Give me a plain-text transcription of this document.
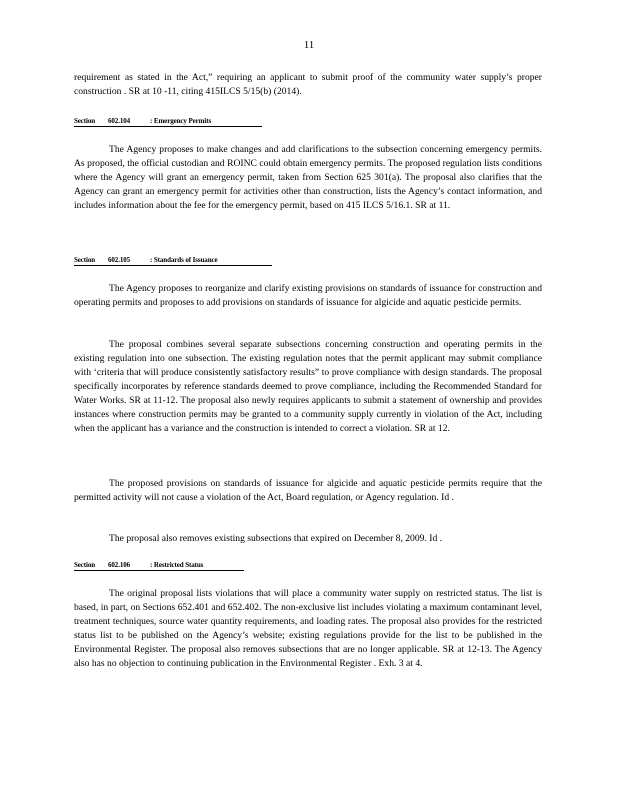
11

requirement as stated in the Act,” requiring an applicant to submit proof of the community water supply’s proper construction . SR at 10 -11, citing 415ILCS 5/15(b) (2014).

Section 602.104	: Emergency Permits

The Agency proposes to make changes and add clarifications to the subsection concerning emergency permits. As proposed, the official custodian and ROINC could obtain emergency permits. The proposed regulation lists conditions where the Agency will grant an emergency permit, taken from Section 625 301(a). The proposal also clarifies that the Agency can grant an emergency permit for activities other than construction, lists the Agency’s contact information, and includes information about the fee for the emergency permit, based on 415 ILCS 5/16.1. SR at 11.

Section 602.105	: Standards of Issuance

The Agency proposes to reorganize and clarify existing provisions on standards of issuance for construction and operating permits and proposes to add provisions on standards of issuance for algicide and aquatic pesticide permits.

The proposal combines several separate subsections concerning construction and operating permits in the existing regulation into one subsection. The existing regulation notes that the permit applicant may submit compliance with ‘criteria that will produce consistently satisfactory results” to prove compliance with design standards. The proposal specifically incorporates by reference standards deemed to prove compliance, including the Recommended Standard for Water Works. SR at 11-12. The proposal also newly requires applicants to submit a statement of ownership and provides instances where construction permits may be granted to a community supply currently in violation of the Act, including when the applicant has a variance and the construction is intended to correct a violation. SR at 12.

The proposed provisions on standards of issuance for algicide and aquatic pesticide permits require that the permitted activity will not cause a violation of the Act, Board regulation, or Agency regulation. Id .

The proposal also removes existing subsections that expired on December 8, 2009. Id .

Section 602.106	: Restricted Status

The original proposal lists violations that will place a community water supply on restricted status. The list is based, in part, on Sections 652.401 and 652.402. The non-exclusive list includes violating a maximum contaminant level, treatment techniques, source water quantity requirements, and loading rates. The proposal also provides for the restricted status list to be published on the Agency’s website; existing regulations provide for the list to be published in the Environmental Register. The proposal also removes subsections that are no longer applicable. SR at 12-13. The Agency also has no objection to continuing publication in the Environmental Register . Exh. 3 at 4.
